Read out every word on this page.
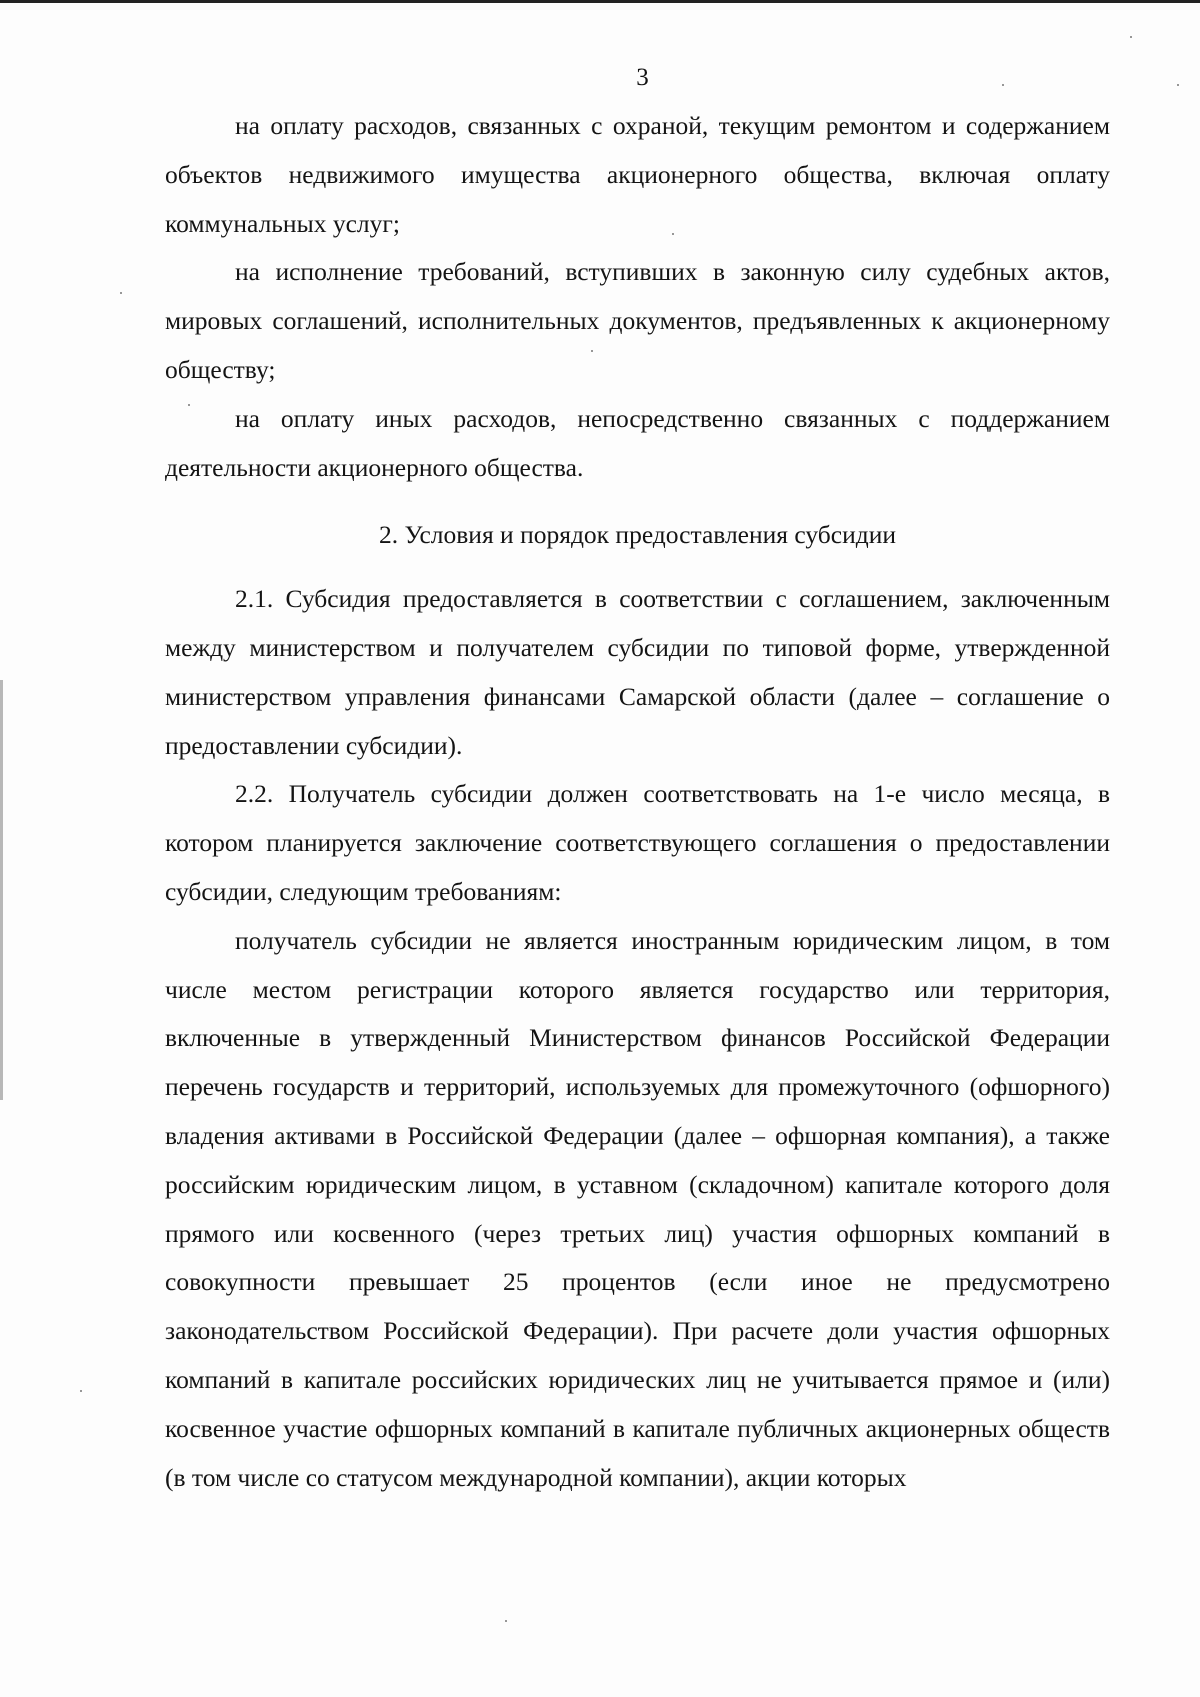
3

на оплату расходов, связанных с охраной, текущим ремонтом и содержанием объектов недвижимого имущества акционерного общества, включая оплату коммунальных услуг;

на исполнение требований, вступивших в законную силу судебных актов, мировых соглашений, исполнительных документов, предъявленных к акционерному обществу;

на оплату иных расходов, непосредственно связанных с поддержанием деятельности акционерного общества.

2. Условия и порядок предоставления субсидии

2.1. Субсидия предоставляется в соответствии с соглашением, заключенным между министерством и получателем субсидии по типовой форме, утвержденной министерством управления финансами Самарской области (далее – соглашение о предоставлении субсидии).

2.2. Получатель субсидии должен соответствовать на 1-е число месяца, в котором планируется заключение соответствующего соглашения о предоставлении субсидии, следующим требованиям:

получатель субсидии не является иностранным юридическим лицом, в том числе местом регистрации которого является государство или территория, включенные в утвержденный Министерством финансов Российской Федерации перечень государств и территорий, используемых для промежуточного (офшорного) владения активами в Российской Федерации (далее – офшорная компания), а также российским юридическим лицом, в уставном (складочном) капитале которого доля прямого или косвенного (через третьих лиц) участия офшорных компаний в совокупности превышает 25 процентов (если иное не предусмотрено законодательством Российской Федерации). При расчете доли участия офшорных компаний в капитале российских юридических лиц не учитывается прямое и (или) косвенное участие офшорных компаний в капитале публичных акционерных обществ (в том числе со статусом международной компании), акции которых
